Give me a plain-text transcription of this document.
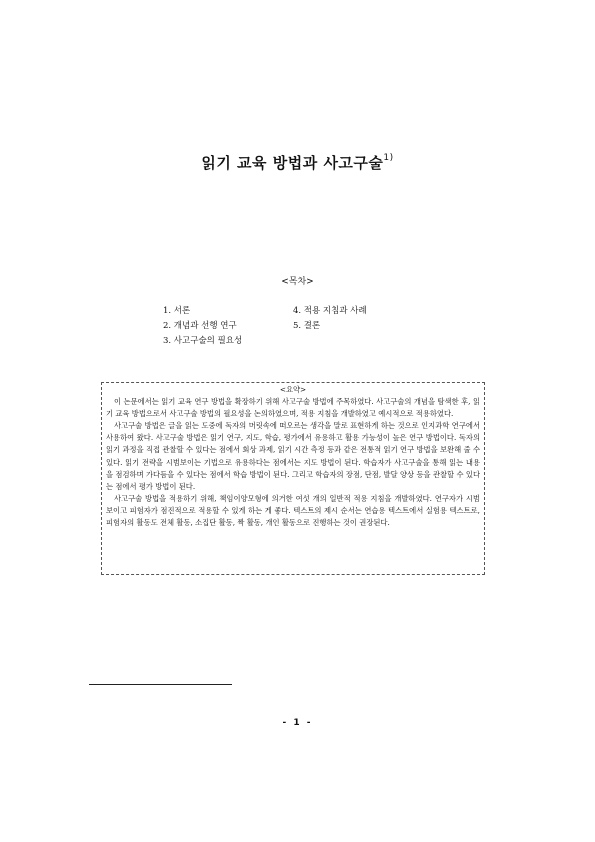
읽기 교육 방법과 사고구술$^{1)}$
<목차>
1. 서론
2. 개념과 선행 연구
3. 사고구술의 필요성
4. 적용 지침과 사례
5. 결론
<요약>

이 논문에서는 읽기 교육 연구 방법을 확장하기 위해 사고구술 방법에 주목하였다. 사고구술의 개념을 탐색한 후, 읽기 교육 방법으로서 사고구술 방법의 필요성을 논의하였으며, 적용 지침을 개발하였고 예시적으로 적용하였다.

사고구술 방법은 글을 읽는 도중에 독자의 머릿속에 떠오르는 생각을 말로 표현하게 하는 것으로 인지과학 연구에서 사용하여 왔다. 사고구술 방법은 읽기 연구, 지도, 학습, 평가에서 유용하고 활용 가능성이 높은 연구 방법이다. 독자의 읽기 과정을 직접 관찰할 수 있다는 점에서 회상 과제, 읽기 시간 측정 등과 같은 전통적 읽기 연구 방법을 보완해 줄 수 있다. 읽기 전략을 시범보이는 기법으로 유용하다는 점에서는 지도 방법이 된다. 학습자가 사고구술을 통해 읽는 내용을 점검하며 가다듬을 수 있다는 점에서 학습 방법이 된다. 그리고 학습자의 장점, 단점, 발달 양상 등을 관찰할 수 있다는 점에서 평가 방법이 된다.

사고구술 방법을 적용하기 위해, 책임이양모형에 의거한 여섯 개의 일반적 적용 지침을 개발하였다. 연구자가 시범보이고 피험자가 점진적으로 적용할 수 있게 하는 게 좋다. 텍스트의 제시 순서는 연습용 텍스트에서 실험용 텍스트로, 피험자의 활동도 전체 활동, 소집단 활동, 짝 활동, 개인 활동으로 진행하는 것이 권장된다.

- 1 -
